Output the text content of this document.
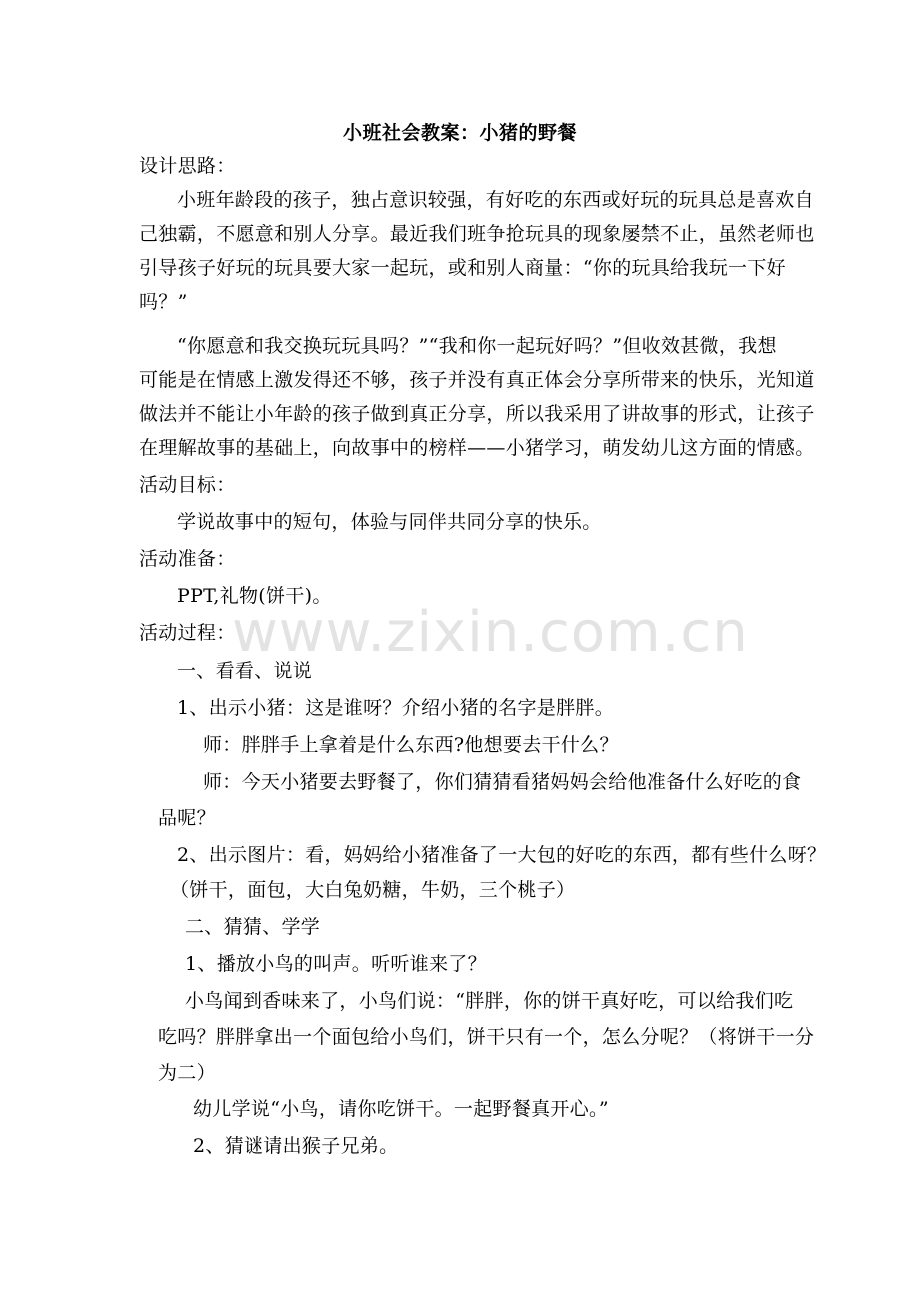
www.zixin.com.cn
小班社会教案：小猪的野餐
设计思路：
小班年龄段的孩子，独占意识较强，有好吃的东西或好玩的玩具总是喜欢自
己独霸，不愿意和别人分享。最近我们班争抢玩具的现象屡禁不止，虽然老师也
引导孩子好玩的玩具要大家一起玩，或和别人商量：“你的玩具给我玩一下好
吗？”
“你愿意和我交换玩玩具吗？”“我和你一起玩好吗？”但收效甚微，我想
可能是在情感上激发得还不够，孩子并没有真正体会分享所带来的快乐，光知道
做法并不能让小年龄的孩子做到真正分享，所以我采用了讲故事的形式，让孩子
在理解故事的基础上，向故事中的榜样——小猪学习，萌发幼儿这方面的情感。
活动目标：
学说故事中的短句，体验与同伴共同分享的快乐。
活动准备：
PPT,礼物(饼干)。
活动过程：
一、看看、说说
1、出示小猪：这是谁呀？介绍小猪的名字是胖胖。
师：胖胖手上拿着是什么东西?他想要去干什么？
师：今天小猪要去野餐了，你们猜猜看猪妈妈会给他准备什么好吃的食
品呢？
2、出示图片：看，妈妈给小猪准备了一大包的好吃的东西，都有些什么呀？
（饼干，面包，大白兔奶糖，牛奶，三个桃子）
二、猜猜、学学
1、播放小鸟的叫声。听听谁来了？
小鸟闻到香味来了，小鸟们说：“胖胖，你的饼干真好吃，可以给我们吃
吃吗？胖胖拿出一个面包给小鸟们，饼干只有一个，怎么分呢？（将饼干一分
为二）
幼儿学说“小鸟，请你吃饼干。一起野餐真开心。”
2、猜谜请出猴子兄弟。
